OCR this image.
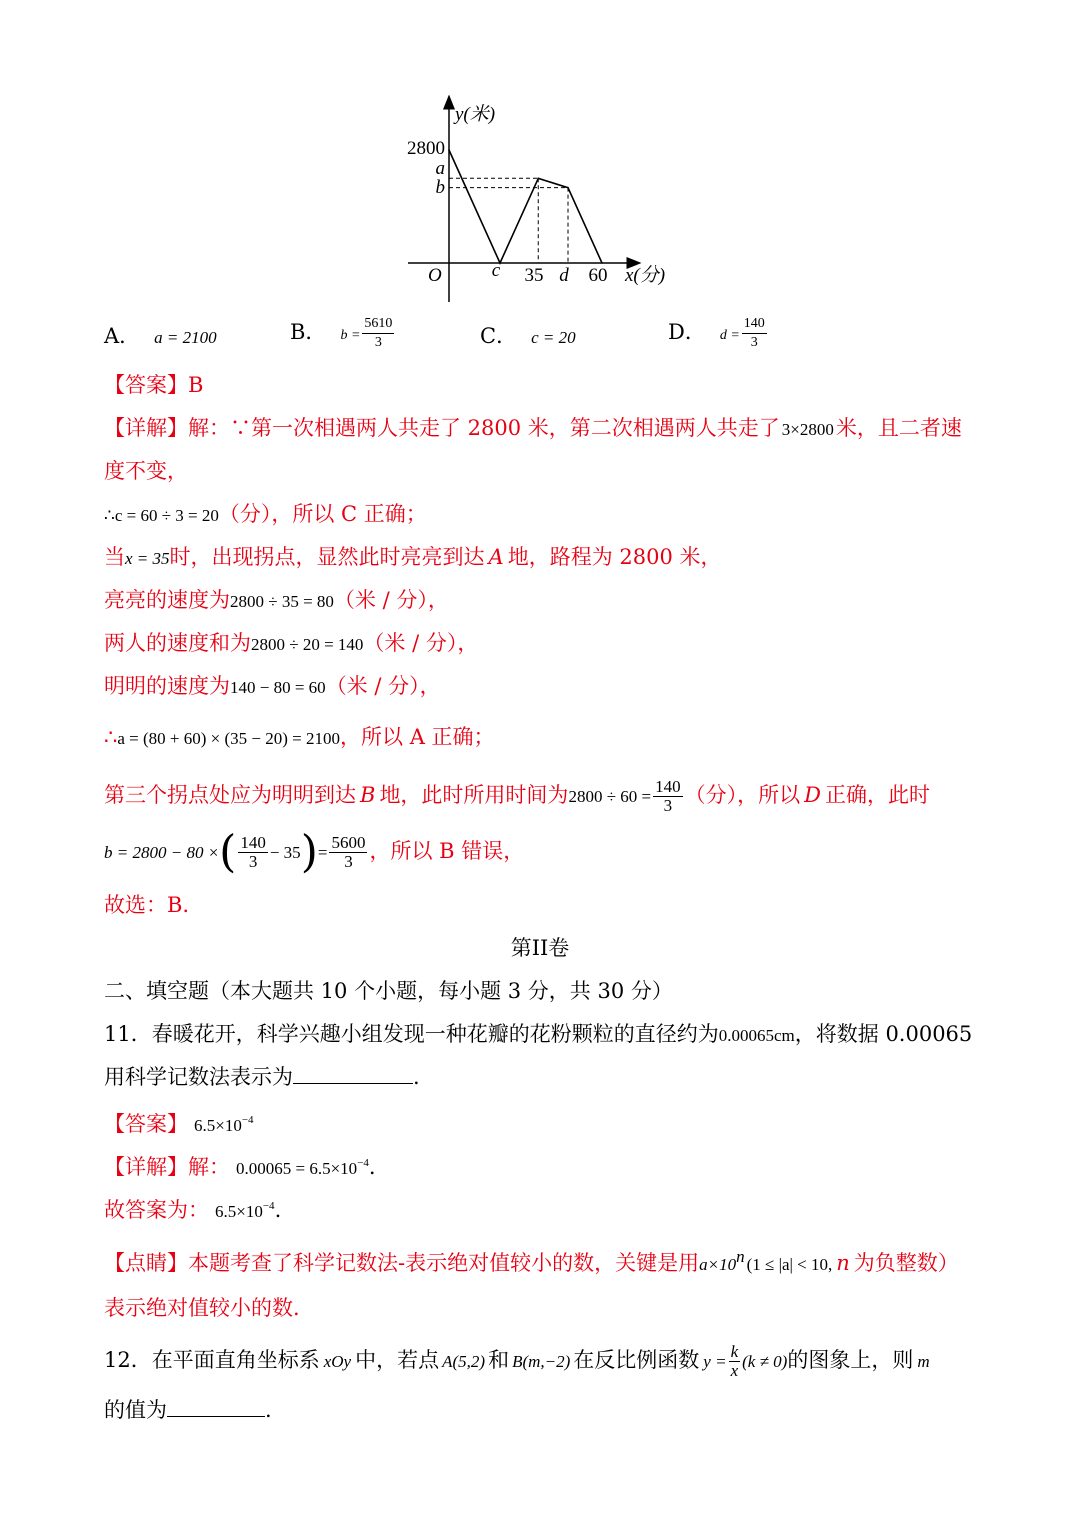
y(米)
x(分)
O
2800
a
b
c 35 d 60
A． a = 2100	B． $b = \frac{5610}{3}$	C． c = 20	D． $d = \frac{140}{3}$
【答案】B
【详解】解：∵第一次相遇两人共走了 2800 米，第二次相遇两人共走了 3×2800米，且二者速
度不变，
∴c = 60 ÷ 3 = 20（分），所以 C 正确；
当x = 35时，出现拐点，显然此时亮亮到达 A 地，路程为 2800 米，
亮亮的速度为2800 ÷ 35 = 80（米 / 分），
两人的速度和为2800 ÷ 20 = 140（米 / 分），
明明的速度为140 − 80 = 60（米 / 分），
∴a = (80 + 60) × (35 − 20) = 2100，所以 A 正确；
第三个拐点处应为明明到达 B 地，此时所用时间为$2800 \div 60 = \frac{140}{3}$ （分），所以 D 正确，此时
b = 2800 − 80 ×( $\frac{140}{3} - 35)= \frac{5600}{3}$ ，所以 B 错误，
故选：B.
第II卷
二、填空题（本大题共 10 个小题，每小题 3 分，共 30 分）
11．春暖花开，科学兴趣小组发现一种花瓣的花粉颗粒的直径约为0.00065cm，将数据 0.00065
用科学记数法表示为	.
【答案】 $6.5\times 10^{-4}$
【详解】解： $0.00065 = 6.5\times 10^{-4}$.
故答案为： $6.5\times 10^{-4}$.
【点睛】本题考查了科学记数法-表示绝对值较小的数，关键是用$a\times 10^n$ (1 ≤ |a| < 10, n 为负整数）
表示绝对值较小的数.
12．在平面直角坐标系 xOy 中，若点 A(5,2) 和 B(m,−2) 在反比例函数 $y = \frac{k}{x} (k \ne 0)$的图象上，则 m
的值为	.
